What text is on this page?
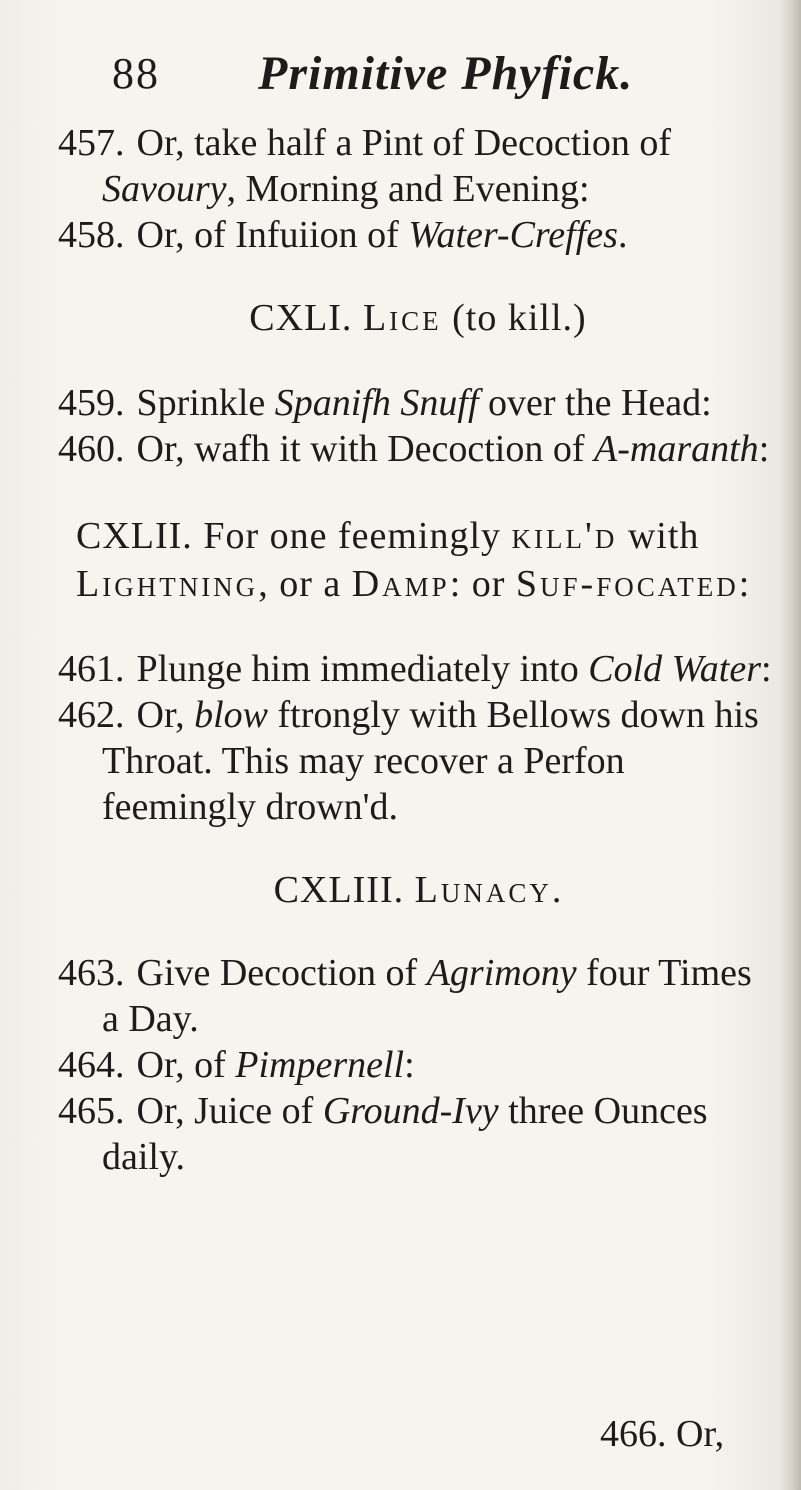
88 Primitive Phyfick.

457. Or, take half a Pint of Decoction of Savoury, Morning and Evening:

458. Or, of Infuiion of Water-Creffes.

CXLI. Lice (to kill.)

459. Sprinkle Spanifh Snuff over the Head:

460. Or, wafh it with Decoction of A-maranth:

CXLII. For one feemingly kill'd with Lightning, or a Damp: or Suf-focated:

461. Plunge him immediately into Cold Water:

462. Or, blow ftrongly with Bellows down his Throat. This may recover a Perfon feemingly drown'd.

CXLIII. Lunacy.

463. Give Decoction of Agrimony four Times a Day.

464. Or, of Pimpernell:

465. Or, Juice of Ground-Ivy three Ounces daily.

466. Or,
